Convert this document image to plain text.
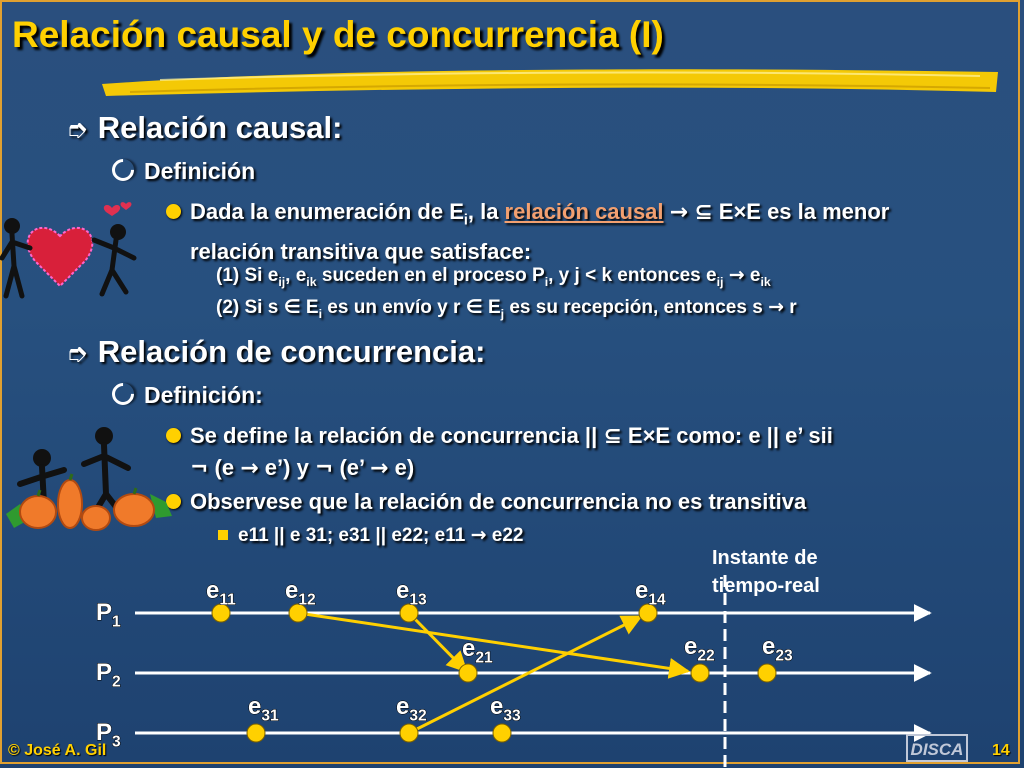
Relación causal y de concurrencia (I)
➮ Relación causal:
Definición
Dada la enumeración de $E_i$, la relación causal → ⊆ E×E es la menor relación transitiva que satisface:
(1) Si $e_{ij}$, $e_{ik}$ suceden en el proceso $P_i$, y j < k entonces $e_{ij} \to e_{ik}$
(2) Si s ∈ $E_i$ es un envío y r ∈ $E_j$ es su recepción, entonces s → r
➮ Relación de concurrencia:
Definición:
Se define la relación de concurrencia || ⊆ E×E como: e || e’ sii
¬ (e → e’) y ¬ (e’ → e)
Observese que la relación de concurrencia no es transitiva
e11 || e 31; e31 || e22; e11 → e22
$P_1$
$P_2$
$P_3$
Instante de
tiempo-real
$e_{11}$ $e_{12}$	$e_{13}$	$e_{14}$
$e_{21}$	$e_{22}$ $e_{23}$
$e_{31}$	$e_{32}$	$e_{33}$
© José A. Gil	DISCA 14
